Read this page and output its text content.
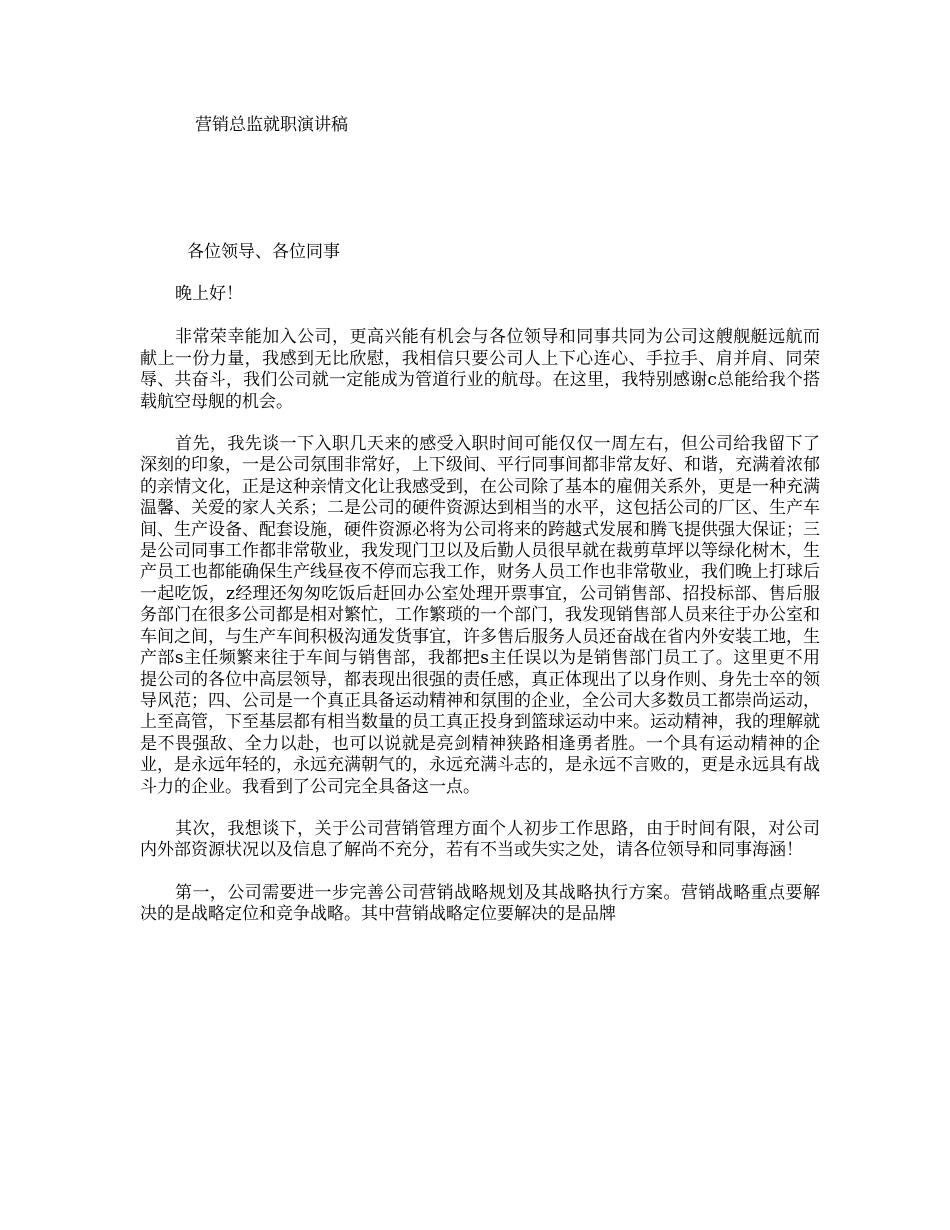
营销总监就职演讲稿
各位领导、各位同事

晚上好！

非常荣幸能加入公司，更高兴能有机会与各位领导和同事共同为公司这艘舰艇远航而献上一份力量，我感到无比欣慰，我相信只要公司人上下心连心、手拉手、肩并肩、同荣辱、共奋斗，我们公司就一定能成为管道行业的航母。在这里，我特别感谢c总能给我个搭载航空母舰的机会。

首先，我先谈一下入职几天来的感受入职时间可能仅仅一周左右，但公司给我留下了深刻的印象，一是公司氛围非常好，上下级间、平行同事间都非常友好、和谐，充满着浓郁的亲情文化，正是这种亲情文化让我感受到，在公司除了基本的雇佣关系外，更是一种充满温馨、关爱的家人关系；二是公司的硬件资源达到相当的水平，这包括公司的厂区、生产车间、生产设备、配套设施，硬件资源必将为公司将来的跨越式发展和腾飞提供强大保证；三是公司同事工作都非常敬业，我发现门卫以及后勤人员很早就在裁剪草坪以等绿化树木，生产员工也都能确保生产线昼夜不停而忘我工作，财务人员工作也非常敬业，我们晚上打球后一起吃饭，z经理还匆匆吃饭后赶回办公室处理开票事宜，公司销售部、招投标部、售后服务部门在很多公司都是相对繁忙，工作繁琐的一个部门，我发现销售部人员来往于办公室和车间之间，与生产车间积极沟通发货事宜，许多售后服务人员还奋战在省内外安装工地，生产部s主任频繁来往于车间与销售部，我都把s主任误以为是销售部门员工了。这里更不用提公司的各位中高层领导，都表现出很强的责任感，真正体现出了以身作则、身先士卒的领导风范；四、公司是一个真正具备运动精神和氛围的企业，全公司大多数员工都崇尚运动，上至高管，下至基层都有相当数量的员工真正投身到篮球运动中来。运动精神，我的理解就是不畏强敌、全力以赴，也可以说就是亮剑精神狭路相逢勇者胜。一个具有运动精神的企业，是永远年轻的，永远充满朝气的，永远充满斗志的，是永远不言败的，更是永远具有战斗力的企业。我看到了公司完全具备这一点。

其次，我想谈下，关于公司营销管理方面个人初步工作思路，由于时间有限，对公司内外部资源状况以及信息了解尚不充分，若有不当或失实之处，请各位领导和同事海涵！

第一，公司需要进一步完善公司营销战略规划及其战略执行方案。营销战略重点要解决的是战略定位和竞争战略。其中营销战略定位要解决的是品牌
